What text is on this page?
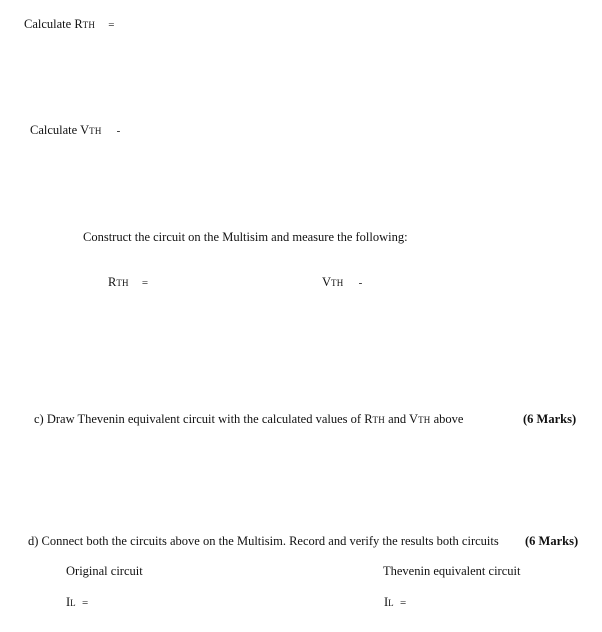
Calculate RTH =
Calculate VTH -
Construct the circuit on the Multisim and measure the following:
RTH =	VTH -
c) Draw Thevenin equivalent circuit with the calculated values of RTH and VTH above	(6 Marks)
d) Connect both the circuits above on the Multisim. Record and verify the results both circuits (6 Marks)
Original circuit	Thevenin equivalent circuit
IL =	IL =
